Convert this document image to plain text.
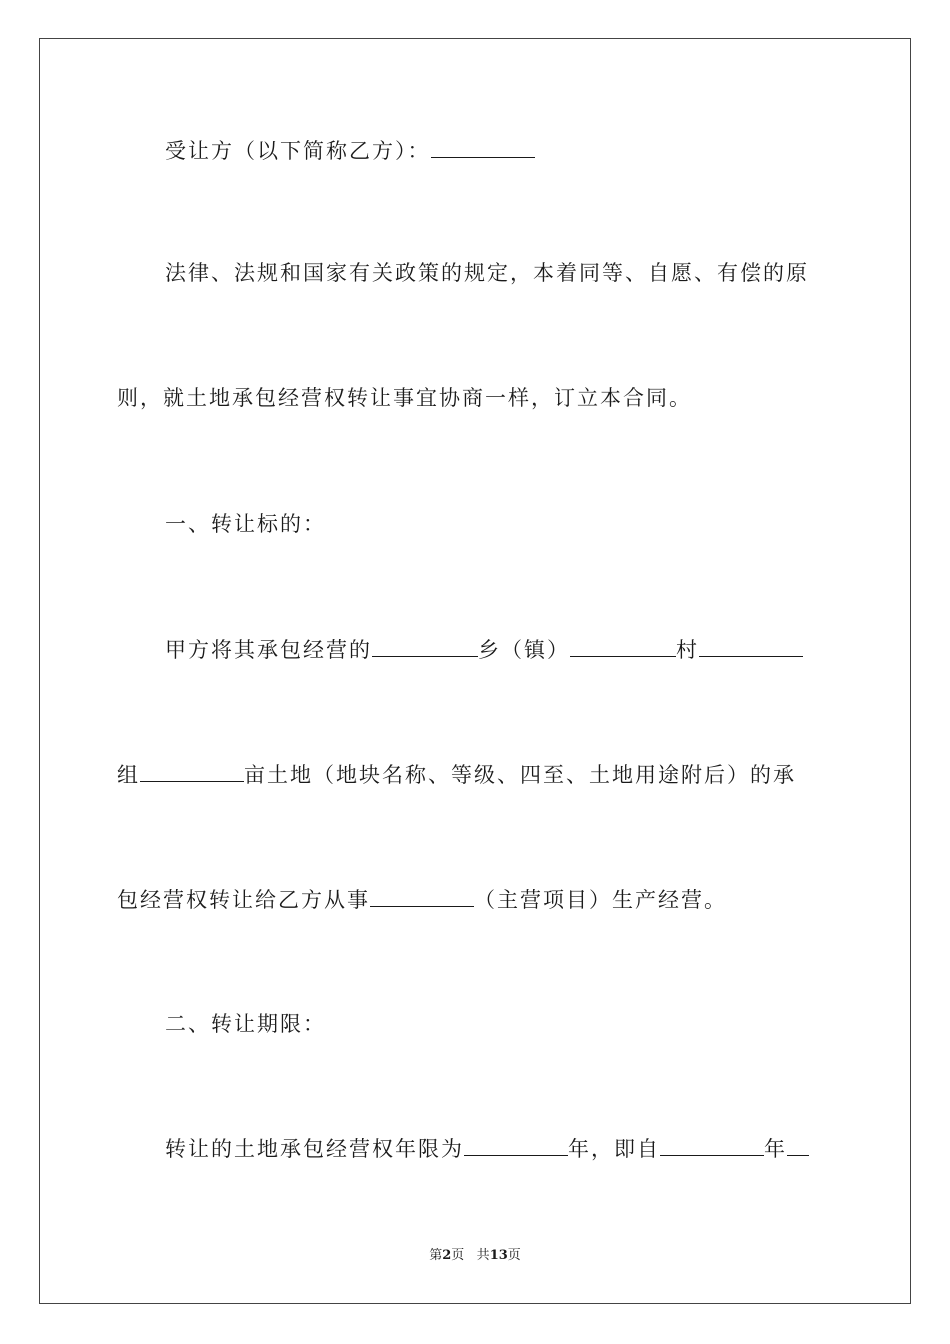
受让方（以下简称乙方）：
法律、法规和国家有关政策的规定，本着同等、自愿、有偿的原
则，就土地承包经营权转让事宜协商一样，订立本合同。
一、转让标的：
甲方将其承包经营的	乡（镇）	村
组	亩土地（地块名称、等级、四至、土地用途附后）的承
包经营权转让给乙方从事	（主营项目）生产经营。
二、转让期限：
转让的土地承包经营权年限为	年，即自	年
第2页 共13页
